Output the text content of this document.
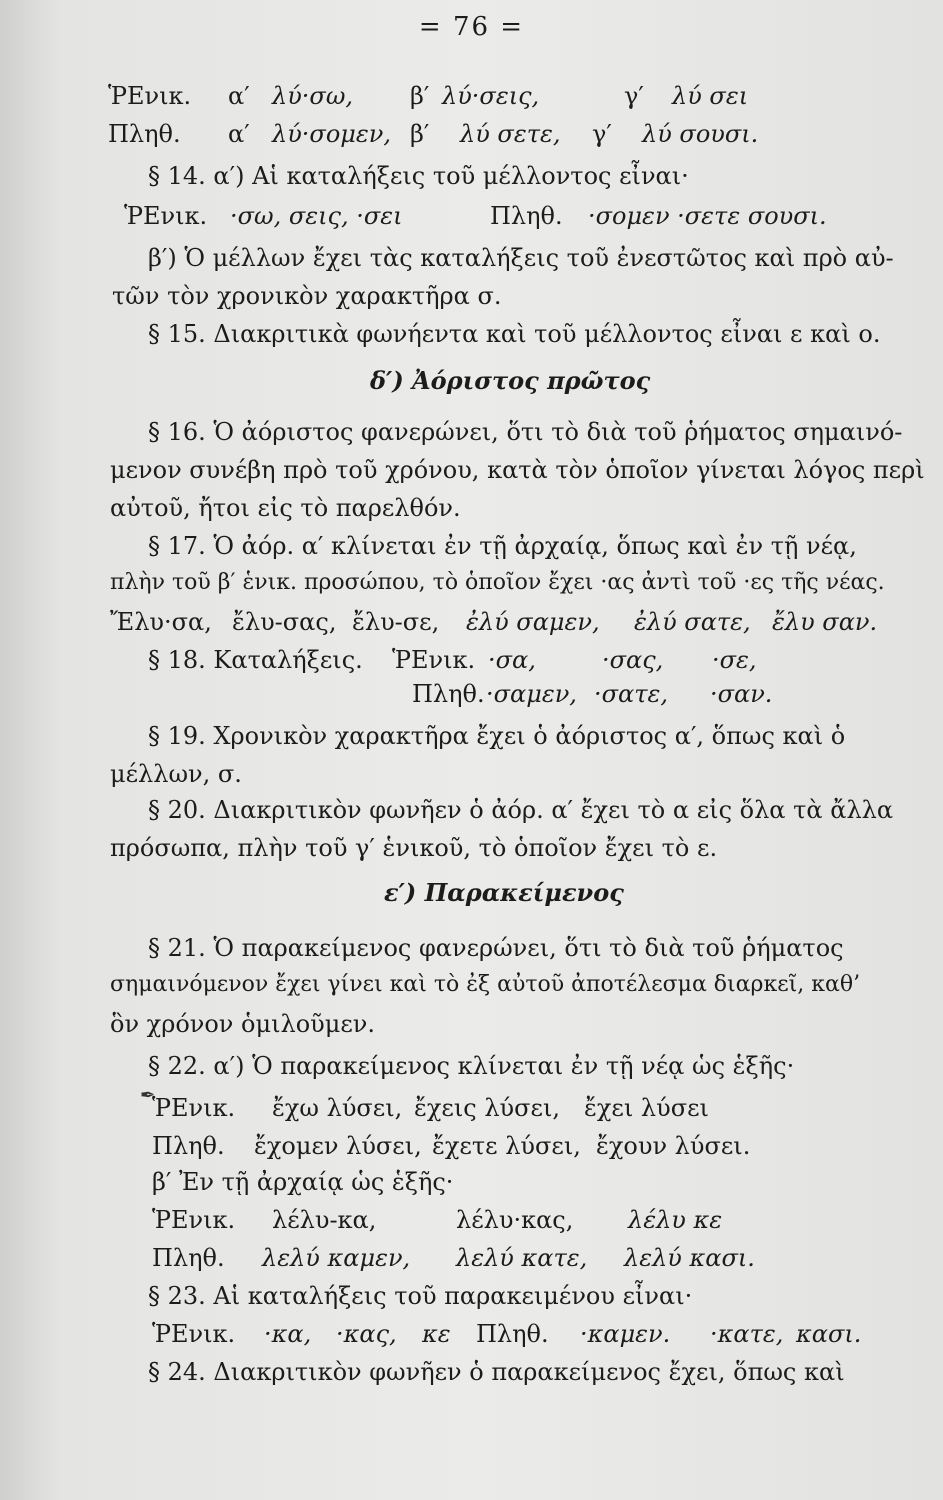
= 76 =
ῬΕνικ. α′ λύ·σω, β′ λύ·σεις,	γ′ λύ σει
Πληθ. α′ λύ·σομεν, β′ λύ σετε, γ′ λύ σουσι.
§ 14. α′) Αἱ καταλήξεις τοῦ μέλλοντος εἶναι·
ῬΕνικ. ·σω, σεις, ·σει	Πληθ. ·σομεν ·σετε σουσι.
β′) Ὁ μέλλων ἔχει τὰς καταλήξεις τοῦ ἐνεστῶτος καὶ πρὸ αὐ-
τῶν τὸν χρονικὸν χαρακτῆρα σ.
§ 15. Διακριτικὰ φωνήεντα καὶ τοῦ μέλλοντος εἶναι ε καὶ ο.
δ′) Ἀόριστος πρῶτος
§ 16. Ὁ ἀόριστος φανερώνει, ὅτι τὸ διὰ τοῦ ῥήματος σημαινό-
μενον συνέβη πρὸ τοῦ χρόνου, κατὰ τὸν ὁποῖον γίνεται λόγος περὶ
αὐτοῦ, ἤτοι εἰς τὸ παρελθόν.
§ 17. Ὁ ἀόρ. α′ κλίνεται ἐν τῇ ἀρχαίᾳ, ὅπως καὶ ἐν τῇ νέᾳ,
πλὴν τοῦ β′ ἑνικ. προσώπου, τὸ ὁποῖον ἔχει ·ας ἀντὶ τοῦ ·ες τῆς νέας.
Ἔλυ·σα, ἔλυ-σας, ἔλυ-σε, ἐλύ σαμεν, ἐλύ σατε, ἔλυ σαν.
§ 18. Καταλήξεις. ῬΕνικ. ·σα,	·σας, ·σε,
Πληθ. ·σαμεν, ·σατε, ·σαν.
§ 19. Χρονικὸν χαρακτῆρα ἔχει ὁ ἀόριστος α′, ὅπως καὶ ὁ
μέλλων, σ.
§ 20. Διακριτικὸν φωνῆεν ὁ ἀόρ. α′ ἔχει τὸ α εἰς ὅλα τὰ ἄλλα
πρόσωπα, πλὴν τοῦ γ′ ἑνικοῦ, τὸ ὁποῖον ἔχει τὸ ε.
ε′) Παρακείμενος
§ 21. Ὁ παρακείμενος φανερώνει, ὅτι τὸ διὰ τοῦ ῥήματος
σημαινόμενον ἔχει γίνει καὶ τὸ ἐξ αὐτοῦ ἀποτέλεσμα διαρκεῖ, καθ’
ὃν χρόνον ὁμιλοῦμεν.
§ 22. α′) Ὁ παρακείμενος κλίνεται ἐν τῇ νέᾳ ὡς ἑξῆς·
✒
ῬΕνικ. ἔχω λύσει, ἔχεις λύσει, ἔχει λύσει
Πληθ. ἔχομεν λύσει, ἔχετε λύσει, ἔχουν λύσει.
β′ Ἐν τῇ ἀρχαίᾳ ὡς ἑξῆς·
ῬΕνικ. λέλυ-κα,	λέλυ·κας, λέλυ κε
Πληθ. λελύ καμεν, λελύ κατε, λελύ κασι.
§ 23. Αἱ καταλήξεις τοῦ παρακειμένου εἶναι·
ῬΕνικ. ·κα, ·κας, κε Πληθ. ·καμεν. ·κατε, κασι.
§ 24. Διακριτικὸν φωνῆεν ὁ παρακείμενος ἔχει, ὅπως καὶ
